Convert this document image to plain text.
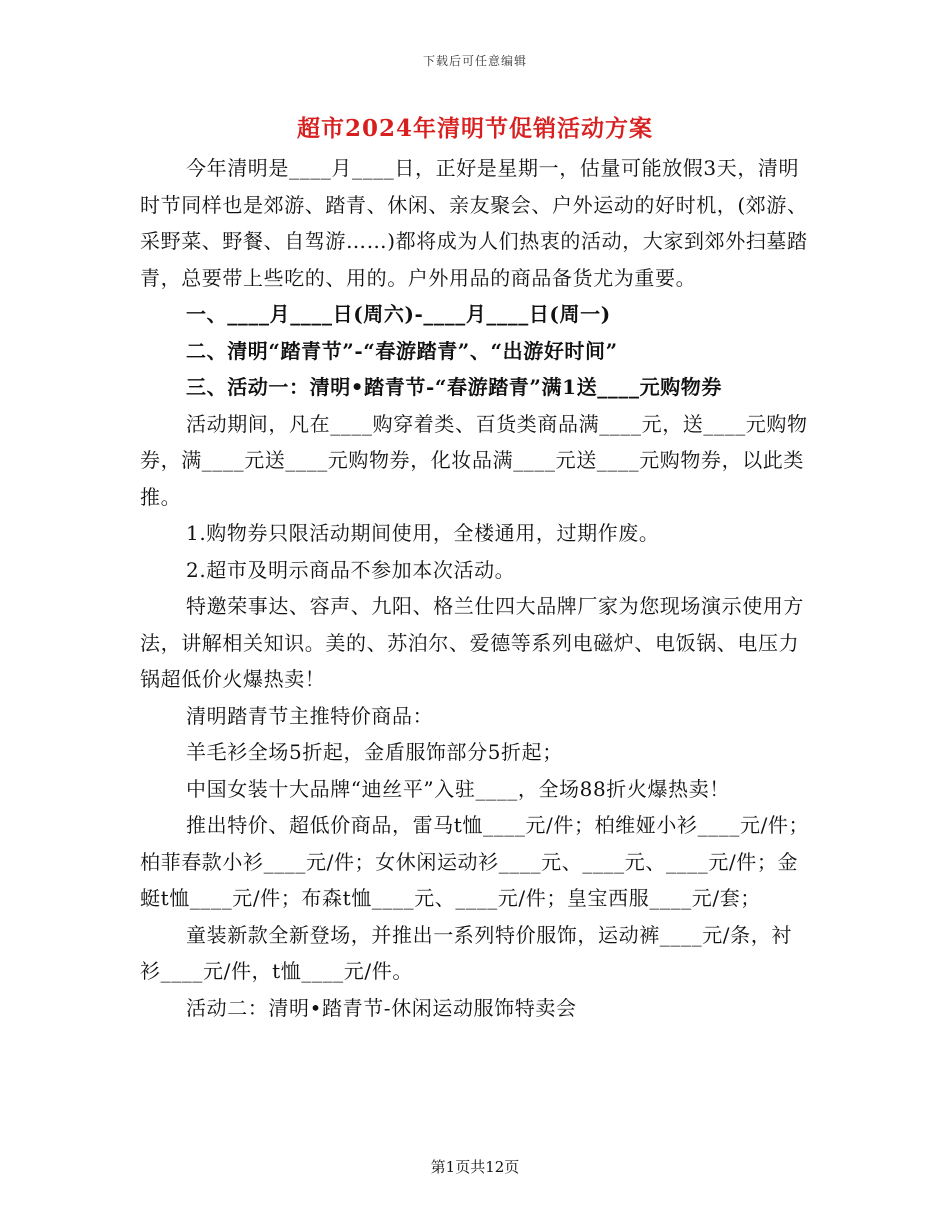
下载后可任意编辑
超市2024年清明节促销活动方案

今年清明是____月____日，正好是星期一，估量可能放假3天，清明时节同样也是郊游、踏青、休闲、亲友聚会、户外运动的好时机，(郊游、采野菜、野餐、自驾游……)都将成为人们热衷的活动，大家到郊外扫墓踏青，总要带上些吃的、用的。户外用品的商品备货尤为重要。

一、____月____日(周六)-____月____日(周一)

二、清明“踏青节”-“春游踏青”、“出游好时间”

三、活动一：清明•踏青节-“春游踏青”满1送____元购物券

活动期间，凡在____购穿着类、百货类商品满____元，送____元购物券，满____元送____元购物券，化妆品满____元送____元购物券，以此类推。

1.购物券只限活动期间使用，全楼通用，过期作废。

2.超市及明示商品不参加本次活动。

特邀荣事达、容声、九阳、格兰仕四大品牌厂家为您现场演示使用方法，讲解相关知识。美的、苏泊尔、爱德等系列电磁炉、电饭锅、电压力锅超低价火爆热卖！

清明踏青节主推特价商品：

羊毛衫全场5折起，金盾服饰部分5折起；

中国女装十大品牌“迪丝平”入驻____，全场88折火爆热卖！

推出特价、超低价商品，雷马t恤____元/件；柏维娅小衫____元/件；柏菲春款小衫____元/件；女休闲运动衫____元、____元、____元/件；金蜓t恤____元/件；布森t恤____元、____元/件；皇宝西服____元/套；

童装新款全新登场，并推出一系列特价服饰，运动裤____元/条，衬衫____元/件，t恤____元/件。

活动二：清明•踏青节-休闲运动服饰特卖会

第1页共12页
